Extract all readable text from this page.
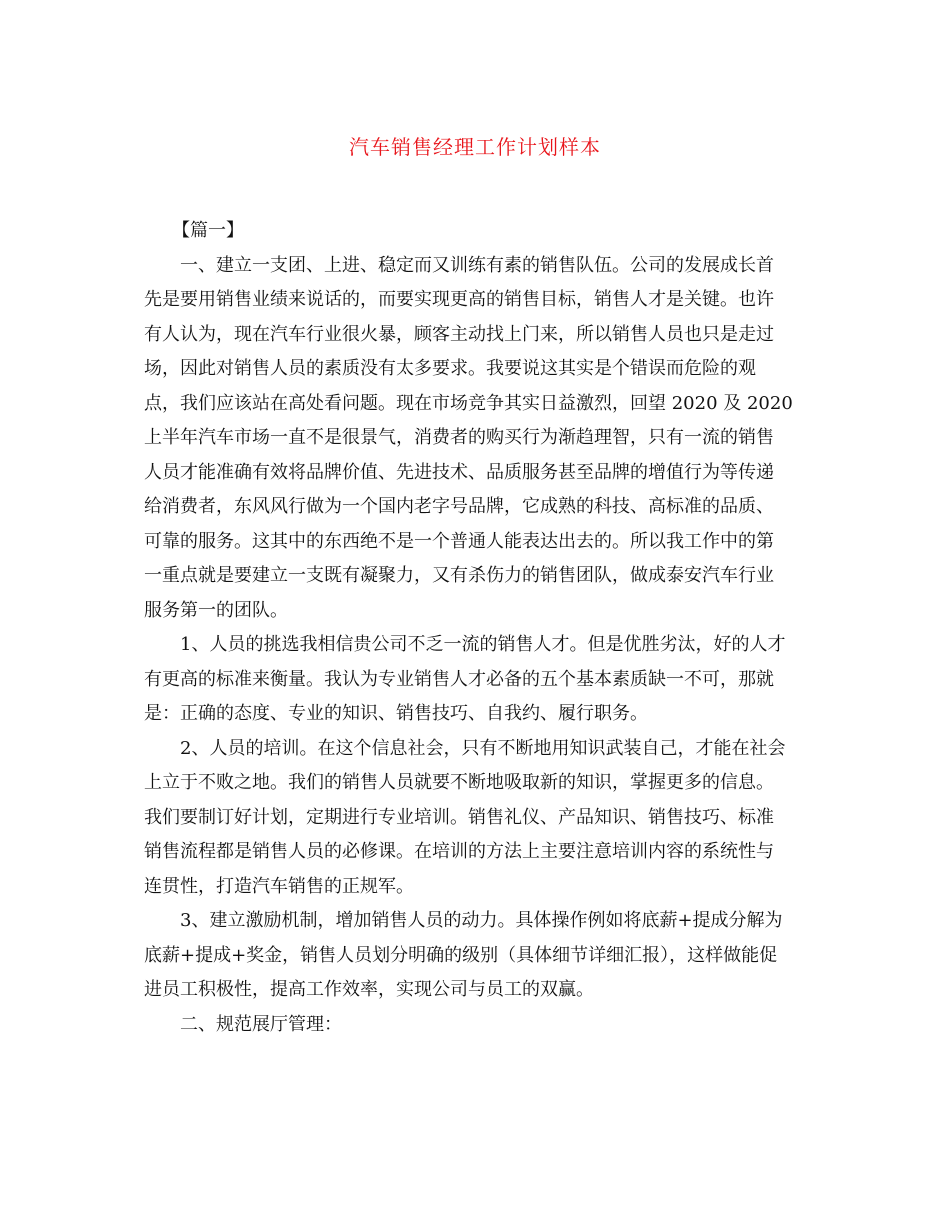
汽车销售经理工作计划样本
【篇一】
一、建立一支团、上进、稳定而又训练有素的销售队伍。公司的发展成长首
先是要用销售业绩来说话的，而要实现更高的销售目标，销售人才是关键。也许
有人认为，现在汽车行业很火暴，顾客主动找上门来，所以销售人员也只是走过
场，因此对销售人员的素质没有太多要求。我要说这其实是个错误而危险的观
点，我们应该站在高处看问题。现在市场竞争其实日益激烈，回望 2020 及 2020
上半年汽车市场一直不是很景气，消费者的购买行为渐趋理智，只有一流的销售
人员才能准确有效将品牌价值、先进技术、品质服务甚至品牌的增值行为等传递
给消费者，东风风行做为一个国内老字号品牌，它成熟的科技、高标准的品质、
可靠的服务。这其中的东西绝不是一个普通人能表达出去的。所以我工作中的第
一重点就是要建立一支既有凝聚力，又有杀伤力的销售团队，做成泰安汽车行业
服务第一的团队。
1、人员的挑选我相信贵公司不乏一流的销售人才。但是优胜劣汰，好的人才
有更高的标准来衡量。我认为专业销售人才必备的五个基本素质缺一不可，那就
是：正确的态度、专业的知识、销售技巧、自我约、履行职务。
2、人员的培训。在这个信息社会，只有不断地用知识武装自己，才能在社会
上立于不败之地。我们的销售人员就要不断地吸取新的知识，掌握更多的信息。
我们要制订好计划，定期进行专业培训。销售礼仪、产品知识、销售技巧、标准
销售流程都是销售人员的必修课。在培训的方法上主要注意培训内容的系统性与
连贯性，打造汽车销售的正规军。
3、建立激励机制，增加销售人员的动力。具体操作例如将底薪+提成分解为
底薪+提成+奖金，销售人员划分明确的级别（具体细节详细汇报），这样做能促
进员工积极性，提高工作效率，实现公司与员工的双赢。
二、规范展厅管理：
